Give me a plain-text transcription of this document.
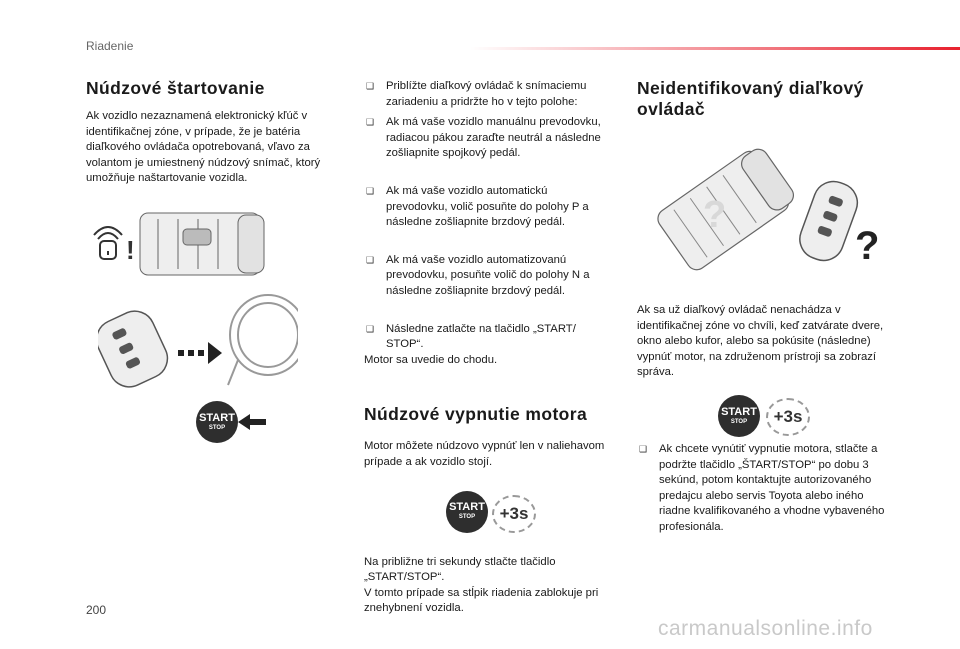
Riadenie
Núdzové štartovanie

Ak vozidlo nezaznamená elektronický kľúč v identifikačnej zóne, v prípade, že je batéria diaľkového ovládača opotrebovaná, vľavo za volantom je umiestnený núdzový snímač, ktorý umožňuje naštartovanie vozidla.

!
START
STOP
❑ Priblížte diaľkový ovládač k snímaciemu zariadeniu a pridržte ho v tejto polohe:
❑ Ak má vaše vozidlo manuálnu prevodovku, radiacou pákou zaraďte neutrál a následne zošliapnite spojkový pedál.
❑ Ak má vaše vozidlo automatickú prevodovku, volič posuňte do polohy P a následne zošliapnite brzdový pedál.
❑ Ak má vaše vozidlo automatizovanú prevodovku, posuňte volič do polohy N a následne zošliapnite brzdový pedál.
❑ Následne zatlačte na tlačidlo „START/ STOP“.

Motor sa uvedie do chodu.

Núdzové vypnutie motora

Motor môžete núdzovo vypnúť len v naliehavom prípade a ak vozidlo stojí.

START
STOP	+3s

Na približne tri sekundy stlačte tlačidlo „START/STOP“.

V tomto prípade sa stĺpik riadenia zablokuje pri znehybnení vozidla.

Neidentifikovaný diaľkový ovládač
?
?

Ak sa už diaľkový ovládač nenachádza v identifikačnej zóne vo chvíli, keď zatvárate dvere, okno alebo kufor, alebo sa pokúsite (následne) vypnúť motor, na združenom prístroji sa zobrazí správa.

START
STOP	+3s
❑ Ak chcete vynútiť vypnutie motora, stlačte a podržte tlačidlo „ŠTART/STOP“ po dobu 3 sekúnd, potom kontaktujte autorizovaného predajcu alebo servis Toyota alebo iného riadne kvalifikovaného a vhodne vybaveného profesionála.
200
carmanualsonline.info
